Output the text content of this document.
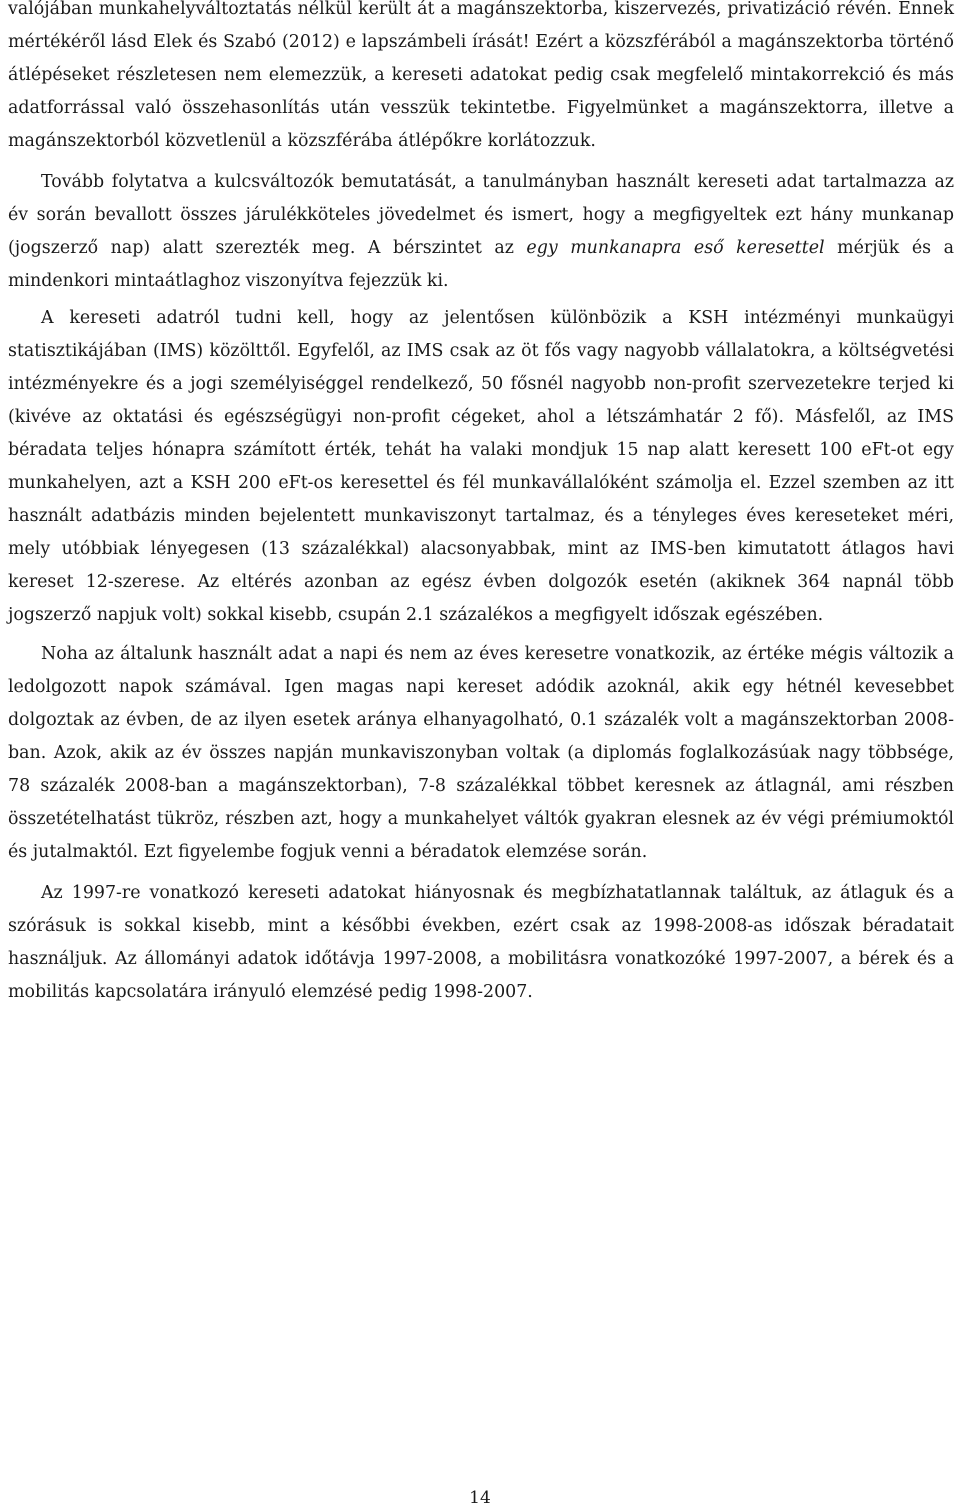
valójában munkahelyváltoztatás nélkül került át a magánszektorba, kiszervezés, privatizáció révén. Ennek mértékéről lásd Elek és Szabó (2012) e lapszámbeli írását! Ezért a közszférából a magánszektorba történő átlépéseket részletesen nem elemezzük, a kereseti adatokat pedig csak megfelelő mintakorrekció és más adatforrással való összehasonlítás után vesszük tekintetbe. Figyelmünket a magánszektorra, illetve a magánszektorból közvetlenül a közszférába átlépőkre korlátozzuk.

Tovább folytatva a kulcsváltozók bemutatását, a tanulmányban használt kereseti adat tartalmazza az év során bevallott összes járulékköteles jövedelmet és ismert, hogy a megfigyeltek ezt hány munkanap (jogszerző nap) alatt szerezték meg. A bérszintet az egy munkanapra eső keresettel mérjük és a mindenkori mintaátlaghoz viszonyítva fejezzük ki.

A kereseti adatról tudni kell, hogy az jelentősen különbözik a KSH intézményi munkaügyi statisztikájában (IMS) közölttől. Egyfelől, az IMS csak az öt fős vagy nagyobb vállalatokra, a költségvetési intézményekre és a jogi személyiséggel rendelkező, 50 fősnél nagyobb non-profit szervezetekre terjed ki (kivéve az oktatási és egészségügyi non-profit cégeket, ahol a létszámhatár 2 fő). Másfelől, az IMS béradata teljes hónapra számított érték, tehát ha valaki mondjuk 15 nap alatt keresett 100 eFt-ot egy munkahelyen, azt a KSH 200 eFt-os keresettel és fél munkavállalóként számolja el. Ezzel szemben az itt használt adatbázis minden bejelentett munkaviszonyt tartalmaz, és a tényleges éves kereseteket méri, mely utóbbiak lényegesen (13 százalékkal) alacsonyabbak, mint az IMS-ben kimutatott átlagos havi kereset 12-szerese. Az eltérés azonban az egész évben dolgozók esetén (akiknek 364 napnál több jogszerző napjuk volt) sokkal kisebb, csupán 2.1 százalékos a megfigyelt időszak egészében.

Noha az általunk használt adat a napi és nem az éves keresetre vonatkozik, az értéke mégis változik a ledolgozott napok számával. Igen magas napi kereset adódik azoknál, akik egy hétnél kevesebbet dolgoztak az évben, de az ilyen esetek aránya elhanyagolható, 0.1 százalék volt a magánszektorban 2008-ban. Azok, akik az év összes napján munkaviszonyban voltak (a diplomás foglalkozásúak nagy többsége, 78 százalék 2008-ban a magánszektorban), 7-8 százalékkal többet keresnek az átlagnál, ami részben összetételhatást tükröz, részben azt, hogy a munkahelyet váltók gyakran elesnek az év végi prémiumoktól és jutalmaktól. Ezt figyelembe fogjuk venni a béradatok elemzése során.

Az 1997-re vonatkozó kereseti adatokat hiányosnak és megbízhatatlannak találtuk, az átlaguk és a szórásuk is sokkal kisebb, mint a későbbi években, ezért csak az 1998-2008-as időszak béradatait használjuk. Az állományi adatok időtávja 1997-2008, a mobilitásra vonatkozóké 1997-2007, a bérek és a mobilitás kapcsolatára irányuló elemzésé pedig 1998-2007.

14
